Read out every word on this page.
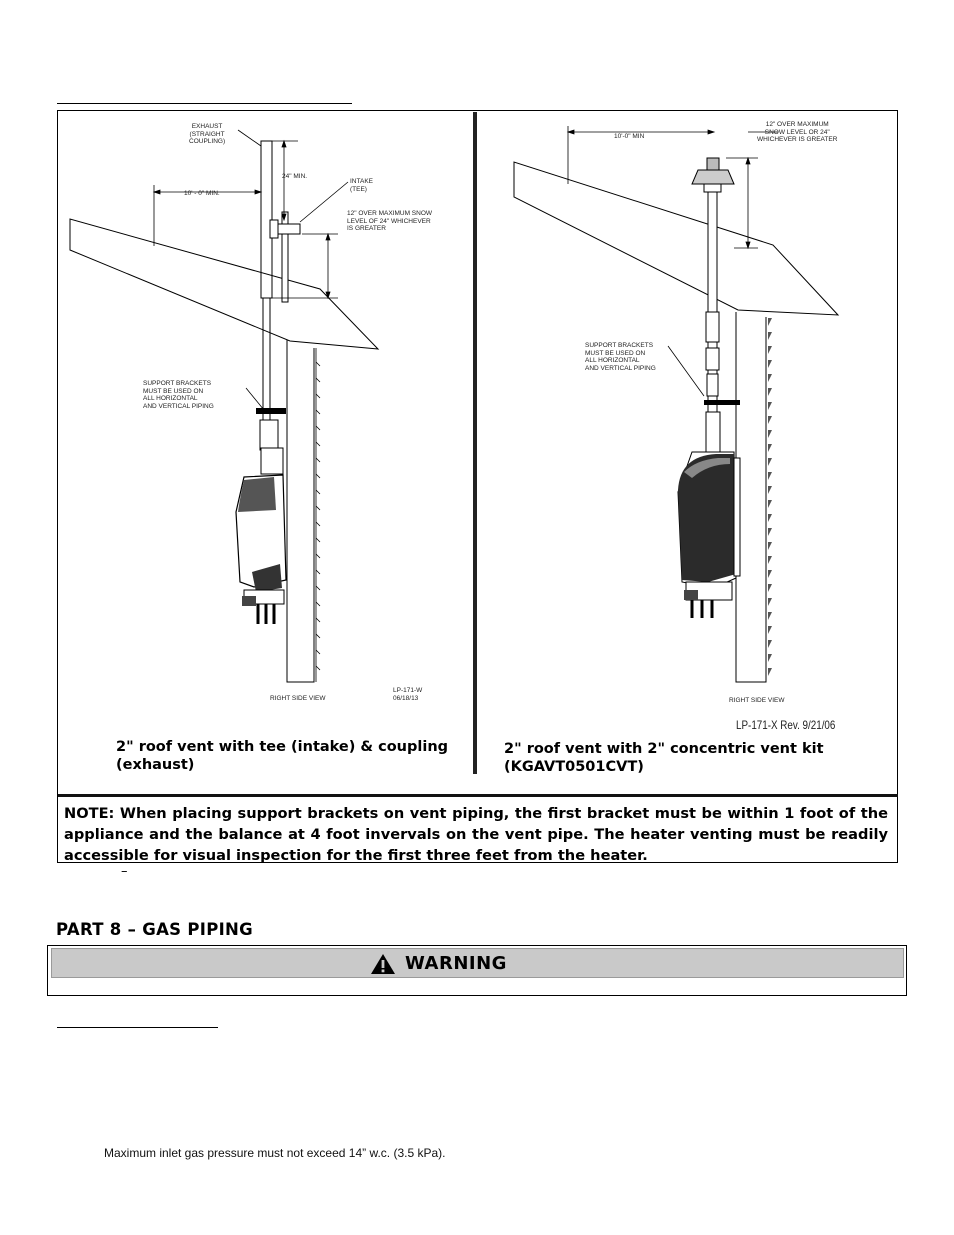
EXHAUST
(STRAIGHT
COUPLING)
24" MIN.
INTAKE
(TEE)
10' - 0" MIN.
12" OVER MAXIMUM SNOW
LEVEL OF 24" WHICHEVER
IS GREATER
SUPPORT BRACKETS
MUST BE USED ON
ALL HORIZONTAL
AND VERTICAL PIPING
RIGHT SIDE VIEW
LP-171-W
06/18/13
2" roof vent with tee (intake) & coupling
(exhaust)
10'-0" MIN
12" OVER MAXIMUM
SNOW LEVEL OR 24"
WHICHEVER IS GREATER
SUPPORT BRACKETS
MUST BE USED ON
ALL HORIZONTAL
AND VERTICAL PIPING
RIGHT SIDE VIEW
LP-171-X Rev. 9/21/06
2" roof vent with 2" concentric vent kit
(KGAVT0501CVT)
NOTE: When placing support brackets on vent piping, the first bracket must be within 1 foot of the appliance and the balance at 4 foot invervals on the vent pipe. The heater venting must be readily accessible for visual inspection for the first three feet from the heater.
–
PART 8 – GAS PIPING
WARNING
Maximum inlet gas pressure must not exceed 14” w.c. (3.5 kPa).
